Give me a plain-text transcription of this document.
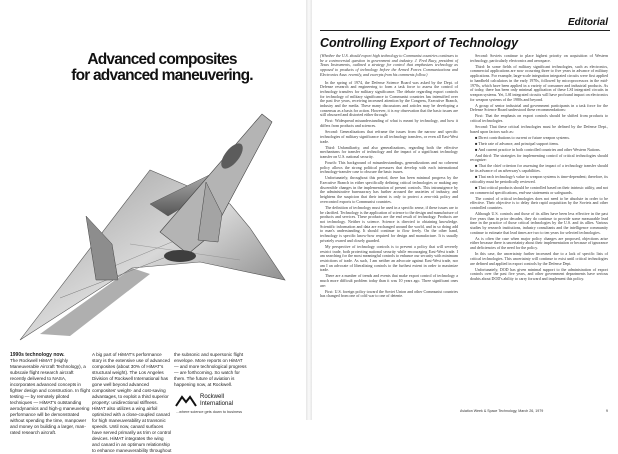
Advanced composites
for advanced maneuvering.

1990s technology now.

The Rockwell HiMAT (Highly Maneuverable Aircraft Technology), a subscale flight research aircraft recently delivered to NASA, incorporates advanced concepts in fighter design and construction. In flight testing — by remotely piloted techniques — HiMAT's outstanding aerodynamics and high-g maneuvering performance will be demonstrated without spending the time, manpower and money on building a larger, man-rated research aircraft.

A big part of HiMAT's performance story is the extensive use of advanced composites (about 30% of HiMAT's structural weight). The Los Angeles Division of Rockwell International has gone well beyond advanced composites' weight- and cost-saving advantages, to exploit a third superior property: unidirectional stiffness. HiMAT also utilizes a wing airfoil optimized with a close-coupled canard for high maneuverability at transonic speeds. Until now, canard surfaces have served primarily as trim or control devices. HiMAT integrates the wing and canard in an optimum relationship to enhance maneuverability throughout

the subsonic and supersonic flight envelope. More reports on HiMAT — and more technological progress — are forthcoming. So watch for them. The future of aviation is happening now, at Rockwell.

Rockwell
International
...where science gets down to business
Editorial
Controlling Export of Technology

(Whether the U.S. should export high technology to Communist countries continues to be a controversial question in government and industry. J. Fred Bucy, president of Texas Instruments, outlined a strategy for control that emphasizes technology as opposed to products of technology before the Armed Forces Communications and Electronics Assn. recently, and excerpts from his comments follow.)

In the spring of 1974, the Defense Science Board was asked by the Dept. of Defense research and engineering to form a task force to assess the control of technology transfers for military significance. The debate regarding export controls for technology of military significance to Communist countries has intensified over the past five years, receiving increased attention by the Congress, Executive Branch, industry and the media. These many discussions and articles may be developing a consensus as a basis for action. However, it is my observation that the basic issues are still obscured and distorted either through:

First: Widespread misunderstanding of what is meant by technology, and how it differs from products and sciences.

Second: Generalizations that reframe the issues from the narrow and specific technologies of military significance to all technology transfers, or even all East-West trade.

Third: Unfamiliarity, and also generalizations, regarding both the effective mechanisms for transfer of technology and the impact of a significant technology transfer on U.S. national security.

Fourth: This background of misunderstandings, generalizations and no coherent policy allows the strong political pressures that develop with each international technology-transfer case to obscure the basic issues.

Unfortunately, throughout this period, there has been minimal progress by the Executive Branch in either specifically defining critical technologies or making any discernible changes in the implementation of present controls. This intransigence by the administrative bureaucracy has further aroused the anxieties of industry, and heightens the suspicion that their intent is only to protect a zero-risk policy and overcontrol exports to Communist countries.

The definition of technology must be used in a specific sense, if these issues are to be clarified. Technology is the application of science to the design and manufacture of products and services. These products are the end result of technology. Products are not technology. Neither is science. Science is directed to obtaining knowledge. Scientific information and data are exchanged around the world, and in so doing add to man's understanding. It should continue to flow freely. On the other hand, technology is specific know-how required for design and manufacture. It is usually privately owned and closely guarded.

My perspective of technology controls is to prevent a policy that will severely restrict trade, both protecting national security while encouraging East-West trade. I am searching for the most meaningful controls to enhance our security with minimum restrictions of trade. As such, I am neither an advocate against East-West trade, nor am I an advocate of liberalizing controls to the furthest extent in order to maximize trade.

There are a number of trends and events that make export control of technology a much more difficult problem today than it was 10 years ago. Three significant ones are:

First: U.S. foreign policy toward the Soviet Union and other Communist countries has changed from one of cold war to one of detente.

Second: Soviets continue to place highest priority on acquisition of Western technology, particularly electronics and aerospace.

Third: In some fields of military significant technologies, such as electronics, commercial applications are now occurring three to five years in advance of military applications. For example, large-scale integration integrated circuits were first applied to handheld calculators in the early 1970s, followed by microprocessors in the mid-1970s, which have been applied in a variety of consumer and industrial products. As of today, there has been only minimal application of these LSI integrated circuits in weapon systems. Yet, LSI integrated circuits will have profound impact on electronics for weapon systems of the 1980s and beyond.

A group of senior industrial and government participants in a task force for the Defense Science Board understood these recommendations:

First: That the emphasis on export controls should be shifted from products to critical technologies.

Second: That these critical technologies must be defined by the Defense Dept., based upon factors such as:

■ Direct contributions to current or future weapon systems.

■ Their rate of advance, and principal support items.

■ And current practice in both controlled countries and other Western Nations.

And third: The strategies for implementing control of critical technologies should recognize:

■ That the chief criterion for assessing the impact of a technology transfer should be its advance of an adversary's capabilities.

■ That each technology's value to weapon systems is time-dependent; therefore, its criticality must be periodically reviewed.

■ That critical products should be controlled based on their intrinsic utility, and not on commercial specifications, end-use statements or safeguards.

The control of critical technologies does not need to be absolute in order to be effective. Their objective is to delay their rapid acquisition by the Soviets and other controlled countries.

Although U.S. controls and those of its allies have been less effective in the past five years than in prior decades, they do continue to provide some measurable lead time in the practice of those critical technologies by the U.S. and its allies. Various studies by research institutions, industry consultants and the intelligence community continue to estimate that lead times are two to ten years for selected technologies.

As is often the case when major policy changes are proposed, objections arise either because there is uncertainty about their implementation or because of ignorance and deficiencies of the need for the policy.

In this case, the uncertainty further increased due to a lack of specific lists of critical technologies. This uncertainty will continue to exist until critical technologies are defined and applied in export controls by the Defense Dept.

Unfortunately, DOD has given minimal support to the administration of export controls over the past five years, and other government departments have serious doubts about DOD's ability to carry forward and implement this policy.

Aviation Week & Space Technology, March 26, 1979	9
